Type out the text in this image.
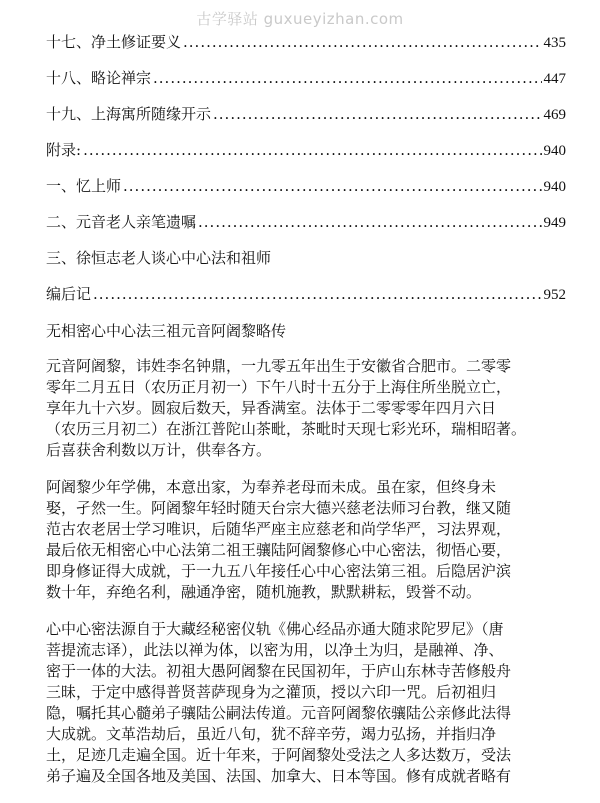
古学驿站 guxueyizhan.com
十七、净土修证要义 .....	435
十八、略论禅宗 .....	447
十九、上海寓所随缘开示 .....	469
附录: .....	940
一、忆上师 .....	940
二、元音老人亲笔遗嘱 .....	949
三、徐恒志老人谈心中心法和祖师
编后记 .....	952
无相密心中心法三祖元音阿阇黎略传
元音阿阇黎，讳姓李名钟鼎，一九零五年出生于安徽省合肥市。二零零
零年二月五日（农历正月初一）下午八时十五分于上海住所坐脱立亡，
享年九十六岁。圆寂后数天，异香满室。法体于二零零零年四月六日
（农历三月初二）在浙江普陀山茶毗，茶毗时天现七彩光环，瑞相昭著。
后喜获舍利数以万计，供奉各方。
阿阇黎少年学佛，本意出家，为奉养老母而未成。虽在家，但终身未
娶，孑然一生。阿阇黎年轻时随天台宗大德兴慈老法师习台教，继又随
范古农老居士学习唯识，后随华严座主应慈老和尚学华严，习法界观，
最后依无相密心中心法第二祖王骧陆阿阇黎修心中心密法，彻悟心要，
即身修证得大成就，于一九五八年接任心中心密法第三祖。后隐居沪滨
数十年，弃绝名利，融通净密，随机施教，默默耕耘，毁誉不动。
心中心密法源自于大藏经秘密仪轨《佛心经品亦通大随求陀罗尼》（唐
菩提流志译），此法以禅为体，以密为用，以净土为归，是融禅、净、
密于一体的大法。初祖大愚阿阇黎在民国初年，于庐山东林寺苦修般舟
三昧，于定中感得普贤菩萨现身为之灌顶，授以六印一咒。后初祖归
隐，嘱托其心髓弟子骧陆公嗣法传道。元音阿阇黎依骧陆公亲修此法得
大成就。文革浩劫后，虽近八旬，犹不辞辛劳，竭力弘扬，并指归净
土，足迹几走遍全国。近十年来，于阿阇黎处受法之人多达数万，受法
弟子遍及全国各地及美国、法国、加拿大、日本等国。修有成就者略有
